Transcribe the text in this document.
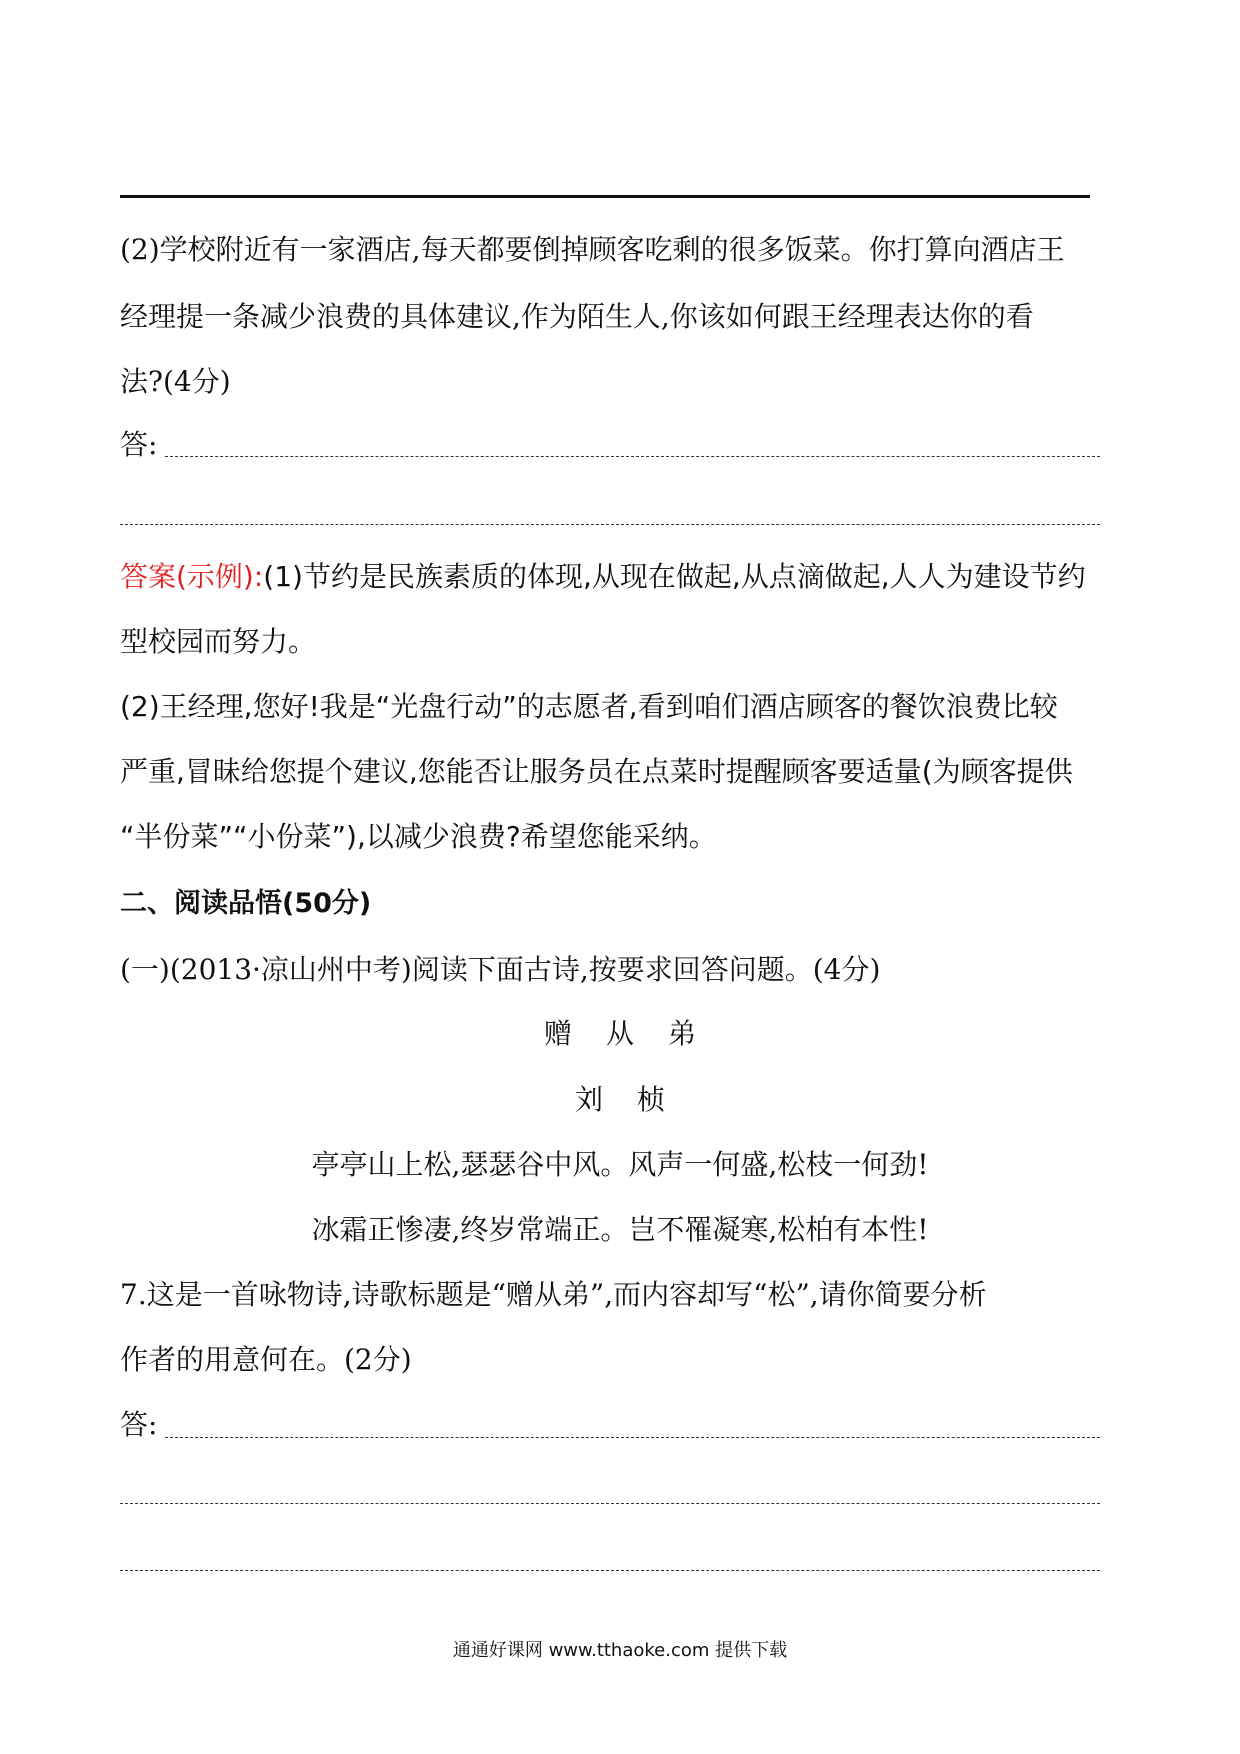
(2)学校附近有一家酒店,每天都要倒掉顾客吃剩的很多饭菜。你打算向酒店王
经理提一条减少浪费的具体建议,作为陌生人,你该如何跟王经理表达你的看
法?(4分)
答:
答案(示例):(1)节约是民族素质的体现,从现在做起,从点滴做起,人人为建设节约
型校园而努力。
(2)王经理,您好!我是“光盘行动”的志愿者,看到咱们酒店顾客的餐饮浪费比较
严重,冒昧给您提个建议,您能否让服务员在点菜时提醒顾客要适量(为顾客提供
“半份菜”“小份菜”),以减少浪费?希望您能采纳。
二、阅读品悟(50分)
(一)(2013·凉山州中考)阅读下面古诗,按要求回答问题。(4分)
赠从弟
刘桢
亭亭山上松,瑟瑟谷中风。风声一何盛,松枝一何劲!
冰霜正惨凄,终岁常端正。岂不罹凝寒,松柏有本性!
7.这是一首咏物诗,诗歌标题是“赠从弟”,而内容却写“松”,请你简要分析
作者的用意何在。(2分)
答:
通通好课网 www.tthaoke.com 提供下载
